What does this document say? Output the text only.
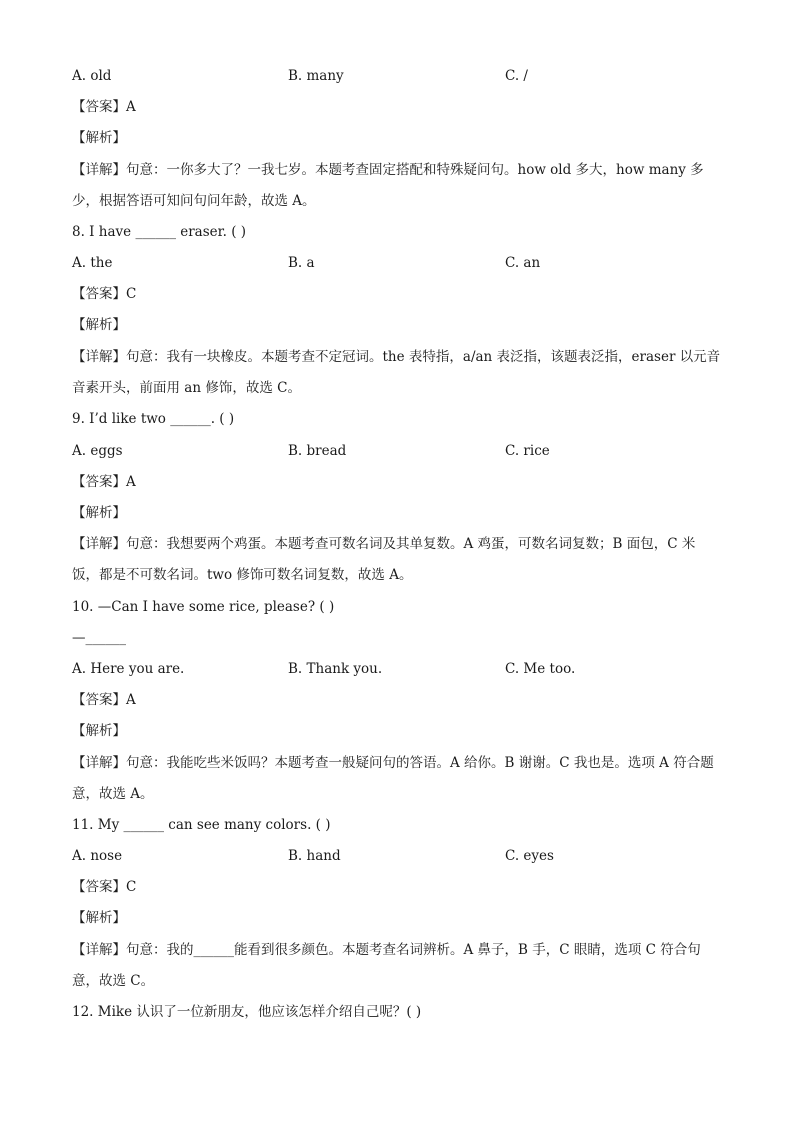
A. old	B. many	C. /
【答案】A
【解析】
【详解】句意：一你多大了？一我七岁。本题考查固定搭配和特殊疑问句。how old 多大，how many 多少，根据答语可知问句问年龄，故选 A。
8. I have ______ eraser. ( )
A. the	B. a	C. an
【答案】C
【解析】
【详解】句意：我有一块橡皮。本题考查不定冠词。the 表特指，a/an 表泛指，该题表泛指，eraser 以元音音素开头，前面用 an 修饰，故选 C。
9. I’d like two ______. ( )
A. eggs	B. bread	C. rice
【答案】A
【解析】
【详解】句意：我想要两个鸡蛋。本题考查可数名词及其单复数。A 鸡蛋，可数名词复数；B 面包，C 米饭，都是不可数名词。two 修饰可数名词复数，故选 A。
10. —Can I have some rice, please? ( )
—______
A. Here you are.	B. Thank you.	C. Me too.
【答案】A
【解析】
【详解】句意：我能吃些米饭吗？本题考查一般疑问句的答语。A 给你。B 谢谢。C 我也是。选项 A 符合题意，故选 A。
11. My ______ can see many colors. ( )
A. nose	B. hand	C. eyes
【答案】C
【解析】
【详解】句意：我的______能看到很多颜色。本题考查名词辨析。A 鼻子，B 手，C 眼睛，选项 C 符合句意，故选 C。
12. Mike 认识了一位新朋友，他应该怎样介绍自己呢？( )
